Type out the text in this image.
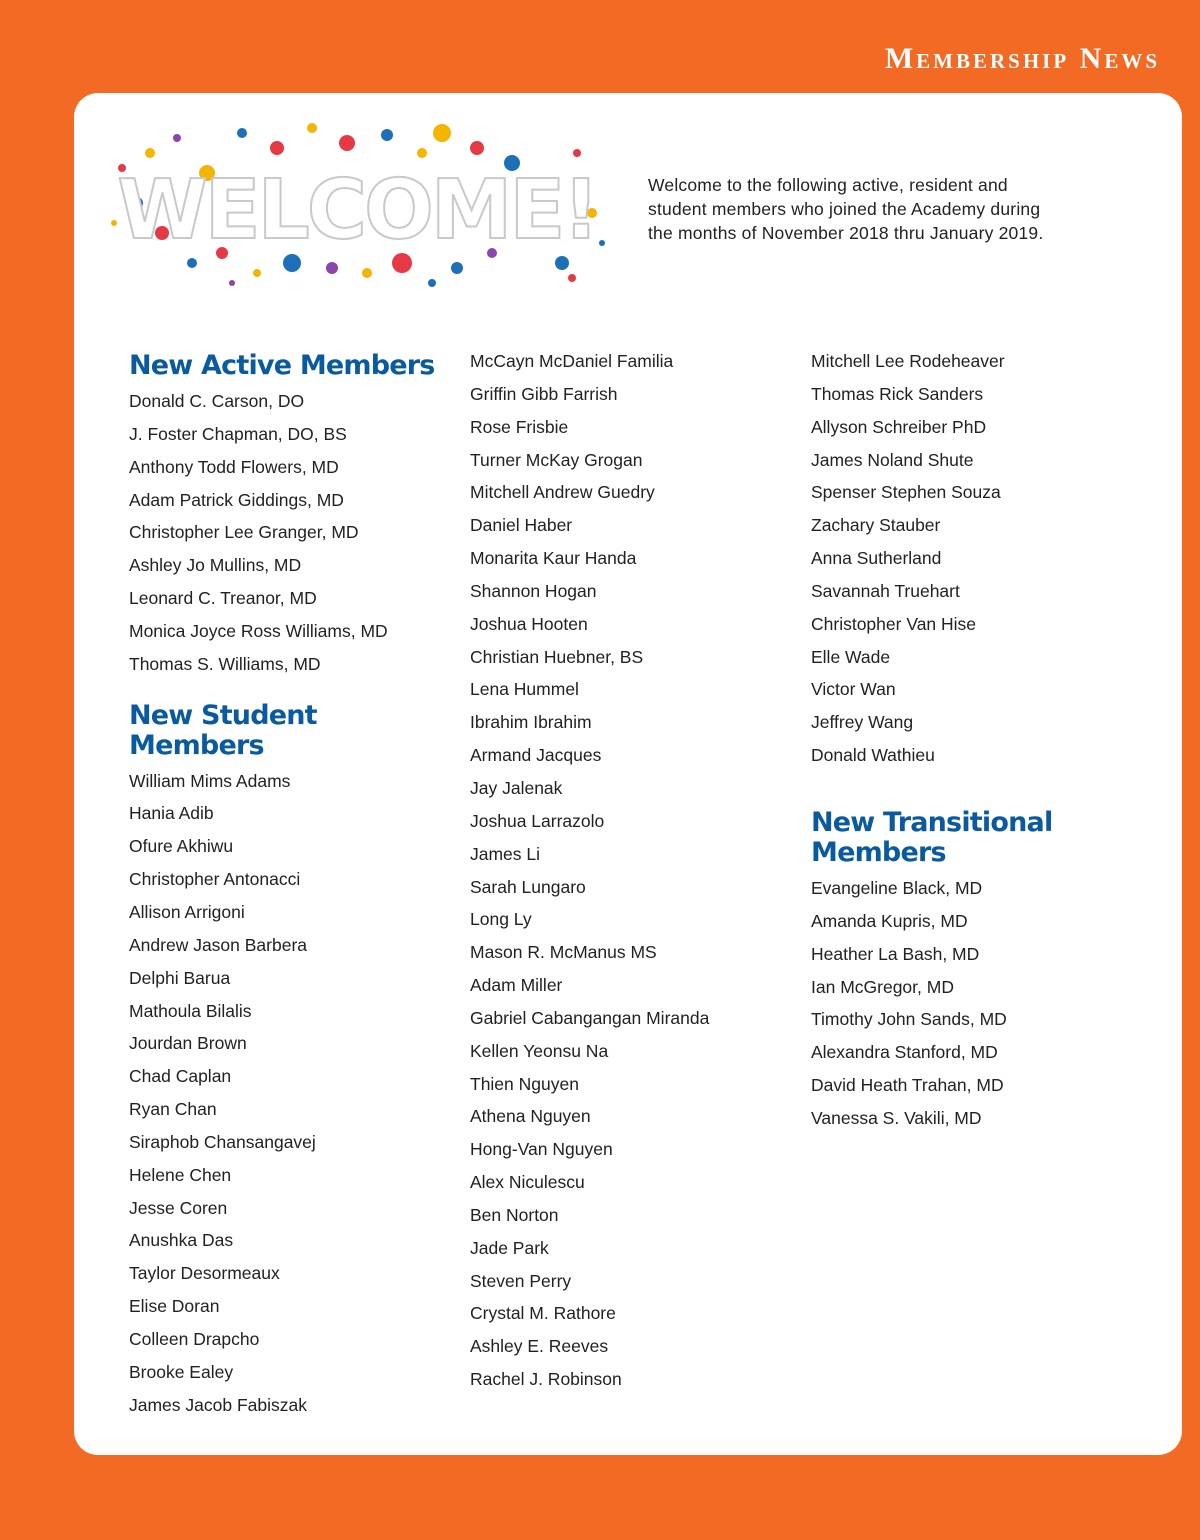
Membership News
WELCOME!	Welcome to the following active, resident and student members who joined the Academy during the months of November 2018 thru January 2019.

New Active Members
Donald C. Carson, DO
J. Foster Chapman, DO, BS
Anthony Todd Flowers, MD
Adam Patrick Giddings, MD
Christopher Lee Granger, MD
Ashley Jo Mullins, MD
Leonard C. Treanor, MD
Monica Joyce Ross Williams, MD
Thomas S. Williams, MD
New Student Members
William Mims Adams
Hania Adib
Ofure Akhiwu
Christopher Antonacci
Allison Arrigoni
Andrew Jason Barbera
Delphi Barua
Mathoula Bilalis
Jourdan Brown
Chad Caplan
Ryan Chan
Siraphob Chansangavej
Helene Chen
Jesse Coren
Anushka Das
Taylor Desormeaux
Elise Doran
Colleen Drapcho
Brooke Ealey
James Jacob Fabiszak
McCayn McDaniel Familia
Griffin Gibb Farrish
Rose Frisbie
Turner McKay Grogan
Mitchell Andrew Guedry
Daniel Haber
Monarita Kaur Handa
Shannon Hogan
Joshua Hooten
Christian Huebner, BS
Lena Hummel
Ibrahim Ibrahim
Armand Jacques
Jay Jalenak
Joshua Larrazolo
James Li
Sarah Lungaro
Long Ly
Mason R. McManus MS
Adam Miller
Gabriel Cabangangan Miranda
Kellen Yeonsu Na
Thien Nguyen
Athena Nguyen
Hong-Van Nguyen
Alex Niculescu
Ben Norton
Jade Park
Steven Perry
Crystal M. Rathore
Ashley E. Reeves
Rachel J. Robinson
Mitchell Lee Rodeheaver
Thomas Rick Sanders
Allyson Schreiber PhD
James Noland Shute
Spenser Stephen Souza
Zachary Stauber
Anna Sutherland
Savannah Truehart
Christopher Van Hise
Elle Wade
Victor Wan
Jeffrey Wang
Donald Wathieu
New Transitional
Members
Evangeline Black, MD
Amanda Kupris, MD
Heather La Bash, MD
Ian McGregor, MD
Timothy John Sands, MD
Alexandra Stanford, MD
David Heath Trahan, MD
Vanessa S. Vakili, MD
